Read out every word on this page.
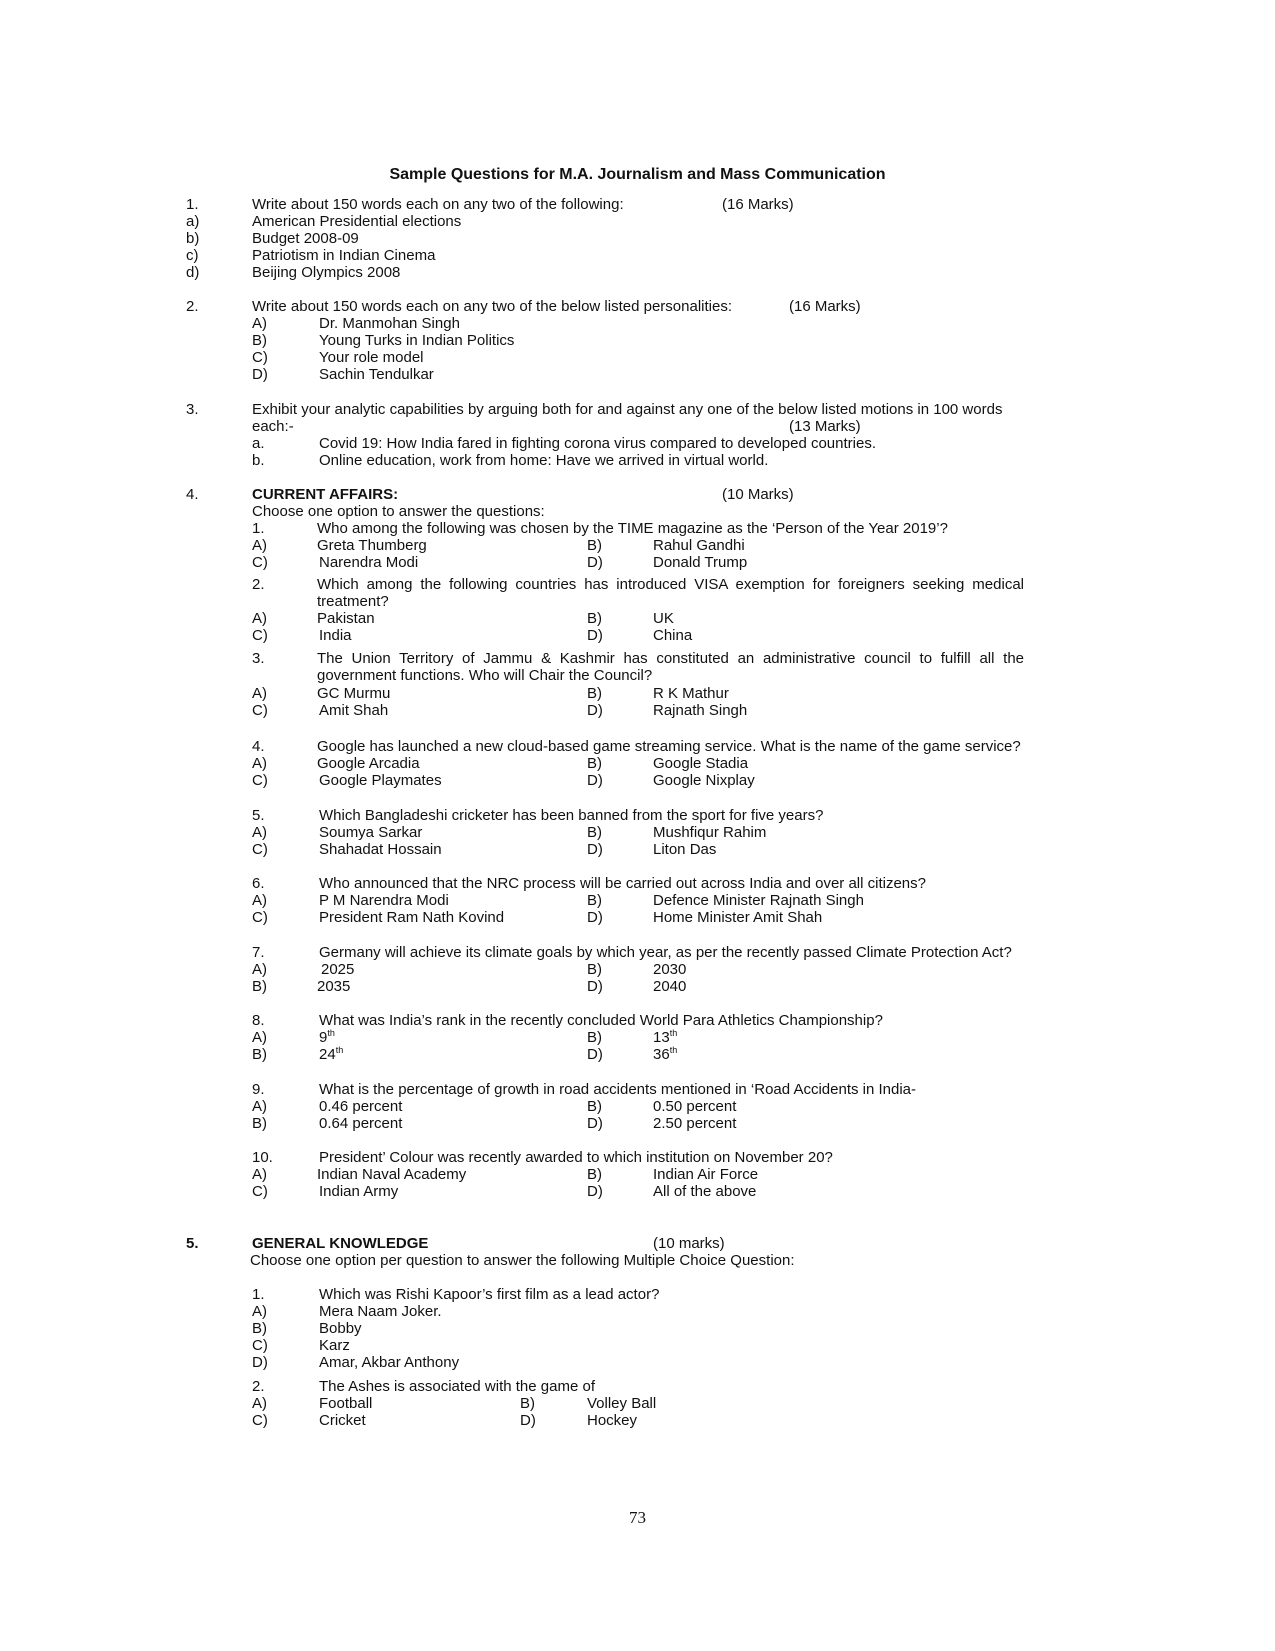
Sample Questions for M.A. Journalism and Mass Communication
1.	Write about 150 words each on any two of the following:	(16 Marks)
a)	American Presidential elections
b)	Budget 2008-09
c)	Patriotism in Indian Cinema
d)	Beijing Olympics 2008
2.	Write about 150 words each on any two of the below listed personalities:	(16 Marks)
A)	Dr. Manmohan Singh
B)	Young Turks in Indian Politics
C)	Your role model
D)	Sachin Tendulkar
3.	Exhibit your analytic capabilities by arguing both for and against any one of the below listed motions in 100 words
each:-	(13 Marks)
a.	Covid 19: How India fared in fighting corona virus compared to developed countries.
b.	Online education, work from home: Have we arrived in virtual world.
4.	CURRENT AFFAIRS:	(10 Marks)
Choose one option to answer the questions:
1.	Who among the following was chosen by the TIME magazine as the ‘Person of the Year 2019’?
A)	Greta Thumberg	B)	Rahul Gandhi
C)	Narendra Modi	D)	Donald Trump
2.	Which among the following countries has introduced VISA exemption for foreigners seeking medical treatment?
A)	Pakistan	B)	UK
C)	India	D)	China
3.	The Union Territory of Jammu & Kashmir has constituted an administrative council to fulfill all the government functions. Who will Chair the Council?
A)	GC Murmu	B)	R K Mathur
C)	Amit Shah	D)	Rajnath Singh
4.	Google has launched a new cloud-based game streaming service. What is the name of the game service?
A)	Google Arcadia	B)	Google Stadia
C)	Google Playmates	D)	Google Nixplay
5.	Which Bangladeshi cricketer has been banned from the sport for five years?
A)	Soumya Sarkar	B)	Mushfiqur Rahim
C)	Shahadat Hossain	D)	Liton Das
6.	Who announced that the NRC process will be carried out across India and over all citizens?
A)	P M Narendra Modi	B)	Defence Minister Rajnath Singh
C)	President Ram Nath Kovind	D)	Home Minister Amit Shah
7.	Germany will achieve its climate goals by which year, as per the recently passed Climate Protection Act?
A)	2025	B)	2030
B)	2035	D)	2040
8.	What was India’s rank in the recently concluded World Para Athletics Championship?
A)	9th	B)	13th
B)	24th	D)	36th
9.	What is the percentage of growth in road accidents mentioned in ‘Road Accidents in India-
A)	0.46 percent	B)	0.50 percent
B)	0.64 percent	D)	2.50 percent
10.	President’ Colour was recently awarded to which institution on November 20?
A)	Indian Naval Academy	B)	Indian Air Force
C)	Indian Army	D)	All of the above
5.	GENERAL KNOWLEDGE	(10 marks)
Choose one option per question to answer the following Multiple Choice Question:
1.	Which was Rishi Kapoor’s first film as a lead actor?
A)	Mera Naam Joker.
B)	Bobby
C)	Karz
D)	Amar, Akbar Anthony
2.	The Ashes is associated with the game of
A)	Football	B)	Volley Ball
C)	Cricket	D)	Hockey
73
